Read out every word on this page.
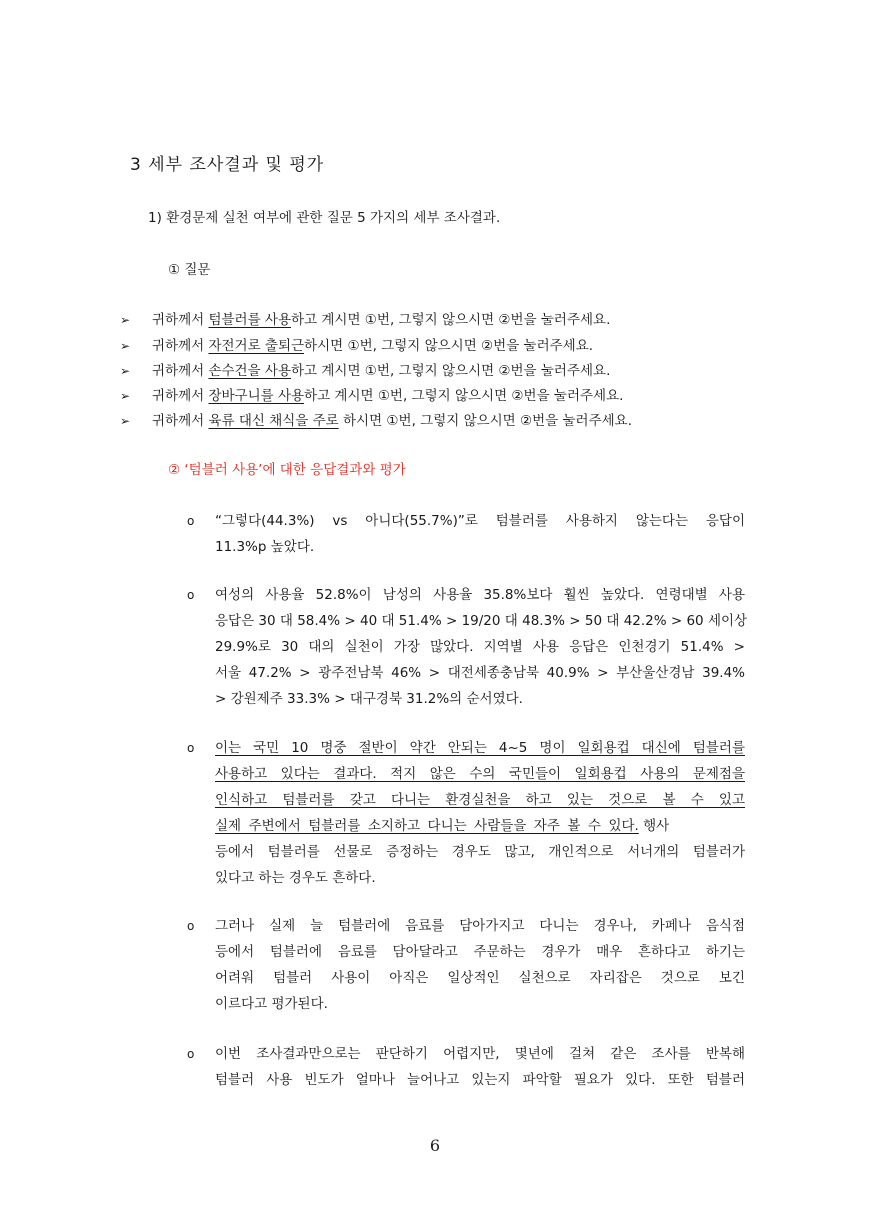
3 세부 조사결과 및 평가
1) 환경문제 실천 여부에 관한 질문 5 가지의 세부 조사결과.
① 질문
➢ 귀하께서 텀블러를 사용하고 계시면 ①번, 그렇지 않으시면 ②번을 눌러주세요.
➢ 귀하께서 자전거로 출퇴근하시면 ①번, 그렇지 않으시면 ②번을 눌러주세요.
➢ 귀하께서 손수건을 사용하고 계시면 ①번, 그렇지 않으시면 ②번을 눌러주세요.
➢ 귀하께서 장바구니를 사용하고 계시면 ①번, 그렇지 않으시면 ②번을 눌러주세요.
➢ 귀하께서 육류 대신 채식을 주로 하시면 ①번, 그렇지 않으시면 ②번을 눌러주세요.
② ‘텀블러 사용’에 대한 응답결과와 평가
o “그렇다(44.3%) vs 아니다(55.7%)”로 텀블러를 사용하지 않는다는 응답이
11.3%p 높았다.
o 여성의 사용율 52.8%이 남성의 사용율 35.8%보다 훨씬 높았다. 연령대별 사용
응답은 30 대 58.4% > 40 대 51.4% > 19/20 대 48.3% > 50 대 42.2% > 60 세이상
29.9%로 30 대의 실천이 가장 많았다. 지역별 사용 응답은 인천경기 51.4% >
서울 47.2% > 광주전남북 46% > 대전세종충남북 40.9% > 부산울산경남 39.4%
> 강원제주 33.3% > 대구경북 31.2%의 순서였다.
o 이는 국민 10 명중 절반이 약간 안되는 4~5 명이 일회용컵 대신에 텀블러를
사용하고 있다는 결과다. 적지 않은 수의 국민들이 일회용컵 사용의 문제점을
인식하고 텀블러를 갖고 다니는 환경실천을 하고 있는 것으로 볼 수 있고
실제 주변에서 텀블러를 소지하고 다니는 사람들을 자주 볼 수 있다. 행사
등에서 텀블러를 선물로 증정하는 경우도 많고, 개인적으로 서너개의 텀블러가
있다고 하는 경우도 흔하다.
o 그러나 실제 늘 텀블러에 음료를 담아가지고 다니는 경우나, 카페나 음식점
등에서 텀블러에 음료를 담아달라고 주문하는 경우가 매우 흔하다고 하기는
어려워 텀블러 사용이 아직은 일상적인 실천으로 자리잡은 것으로 보긴
이르다고 평가된다.
o 이번 조사결과만으로는 판단하기 어렵지만, 몇년에 걸쳐 같은 조사를 반복해
텀블러 사용 빈도가 얼마나 늘어나고 있는지 파악할 필요가 있다. 또한 텀블러
6
